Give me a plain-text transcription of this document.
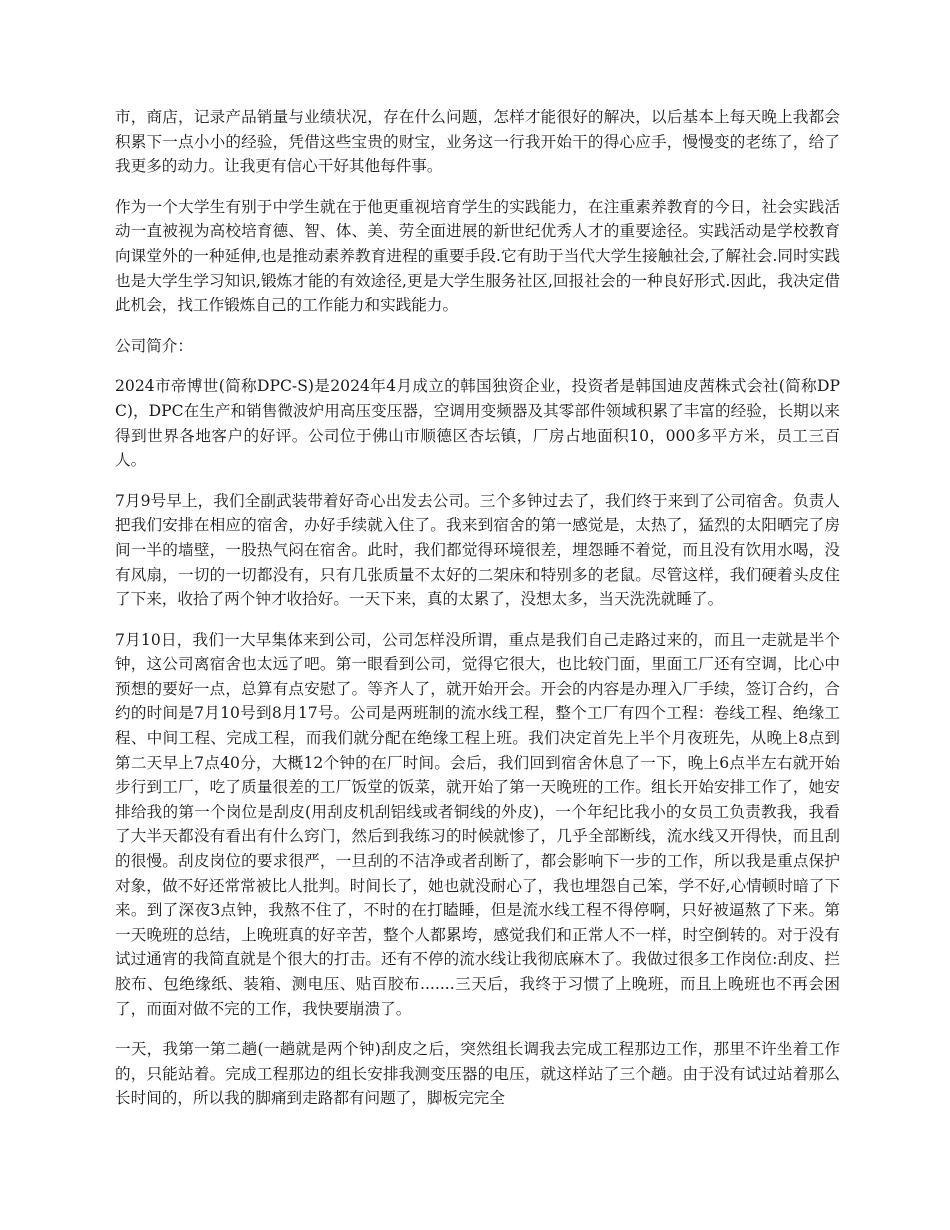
市，商店，记录产品销量与业绩状况，存在什么问题，怎样才能很好的解决，以后基本上每天晚上我都会积累下一点小小的经验，凭借这些宝贵的财宝，业务这一行我开始干的得心应手，慢慢变的老练了，给了我更多的动力。让我更有信心干好其他每件事。

作为一个大学生有别于中学生就在于他更重视培育学生的实践能力，在注重素养教育的今日，社会实践活动一直被视为高校培育德、智、体、美、劳全面进展的新世纪优秀人才的重要途径。实践活动是学校教育向课堂外的一种延伸,也是推动素养教育进程的重要手段.它有助于当代大学生接触社会,了解社会.同时实践也是大学生学习知识,锻炼才能的有效途径,更是大学生服务社区,回报社会的一种良好形式.因此，我决定借此机会，找工作锻炼自己的工作能力和实践能力。

公司简介：

2024市帝博世(简称DPC-S)是2024年4月成立的韩国独资企业，投资者是韩国迪皮茜株式会社(简称DPC)，DPC在生产和销售微波炉用高压变压器，空调用变频器及其零部件领域积累了丰富的经验，长期以来得到世界各地客户的好评。公司位于佛山市顺德区杏坛镇，厂房占地面积10，000多平方米，员工三百人。

7月9号早上，我们全副武装带着好奇心出发去公司。三个多钟过去了，我们终于来到了公司宿舍。负责人把我们安排在相应的宿舍，办好手续就入住了。我来到宿舍的第一感觉是，太热了，猛烈的太阳晒完了房间一半的墙壁，一股热气闷在宿舍。此时，我们都觉得环境很差，埋怨睡不着觉，而且没有饮用水喝，没有风扇，一切的一切都没有，只有几张质量不太好的二架床和特别多的老鼠。尽管这样，我们硬着头皮住了下来，收拾了两个钟才收拾好。一天下来，真的太累了，没想太多，当天洗洗就睡了。

7月10日，我们一大早集体来到公司，公司怎样没所谓，重点是我们自己走路过来的，而且一走就是半个钟，这公司离宿舍也太远了吧。第一眼看到公司，觉得它很大，也比较门面，里面工厂还有空调，比心中预想的要好一点，总算有点安慰了。等齐人了，就开始开会。开会的内容是办理入厂手续，签订合约，合约的时间是7月10号到8月17号。公司是两班制的流水线工程，整个工厂有四个工程：卷线工程、绝缘工程、中间工程、完成工程，而我们就分配在绝缘工程上班。我们决定首先上半个月夜班先，从晚上8点到第二天早上7点40分，大概12个钟的在厂时间。会后，我们回到宿舍休息了一下，晚上6点半左右就开始步行到工厂，吃了质量很差的工厂饭堂的饭菜，就开始了第一天晚班的工作。组长开始安排工作了，她安排给我的第一个岗位是刮皮(用刮皮机刮铝线或者铜线的外皮)，一个年纪比我小的女员工负责教我，我看了大半天都没有看出有什么窍门，然后到我练习的时候就惨了，几乎全部断线，流水线又开得快，而且刮的很慢。刮皮岗位的要求很严，一旦刮的不洁净或者刮断了，都会影响下一步的工作，所以我是重点保护对象，做不好还常常被比人批判。时间长了，她也就没耐心了，我也埋怨自己笨，学不好,心情顿时暗了下来。到了深夜3点钟，我熬不住了，不时的在打瞌睡，但是流水线工程不得停啊，只好被逼熬了下来。第一天晚班的总结，上晚班真的好辛苦，整个人都累垮，感觉我们和正常人不一样，时空倒转的。对于没有试过通宵的我简直就是个很大的打击。还有不停的流水线让我彻底麻木了。我做过很多工作岗位:刮皮、拦胶布、包绝缘纸、装箱、测电压、贴百胶布.......三天后，我终于习惯了上晚班，而且上晚班也不再会困了，而面对做不完的工作，我快要崩溃了。

一天，我第一第二趟(一趟就是两个钟)刮皮之后，突然组长调我去完成工程那边工作，那里不许坐着工作的，只能站着。完成工程那边的组长安排我测变压器的电压，就这样站了三个趟。由于没有试过站着那么长时间的，所以我的脚痛到走路都有问题了，脚板完完全
